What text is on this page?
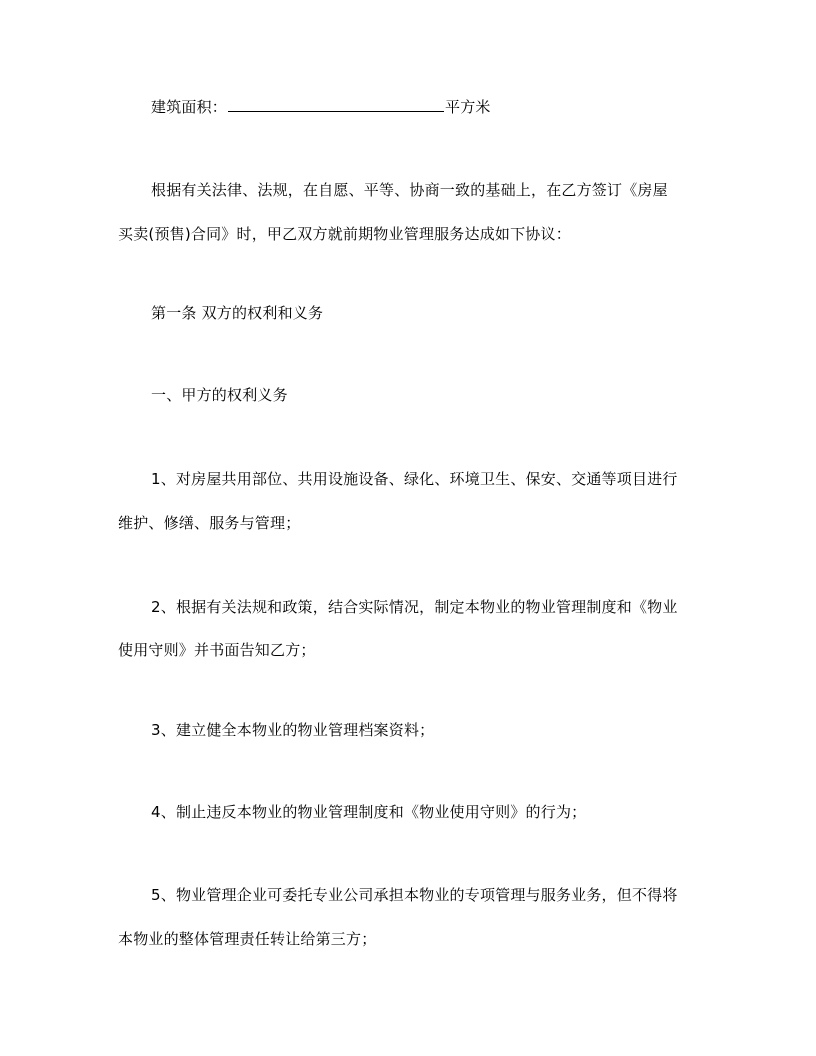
建筑面积：	平方米
根据有关法律、法规，在自愿、平等、协商一致的基础上，在乙方签订《房屋
买卖(预售)合同》时，甲乙双方就前期物业管理服务达成如下协议：
第一条 双方的权利和义务
一、甲方的权利义务
1、对房屋共用部位、共用设施设备、绿化、环境卫生、保安、交通等项目进行
维护、修缮、服务与管理；
2、根据有关法规和政策，结合实际情况，制定本物业的物业管理制度和《物业
使用守则》并书面告知乙方；
3、建立健全本物业的物业管理档案资料；
4、制止违反本物业的物业管理制度和《物业使用守则》的行为；
5、物业管理企业可委托专业公司承担本物业的专项管理与服务业务，但不得将
本物业的整体管理责任转让给第三方；
